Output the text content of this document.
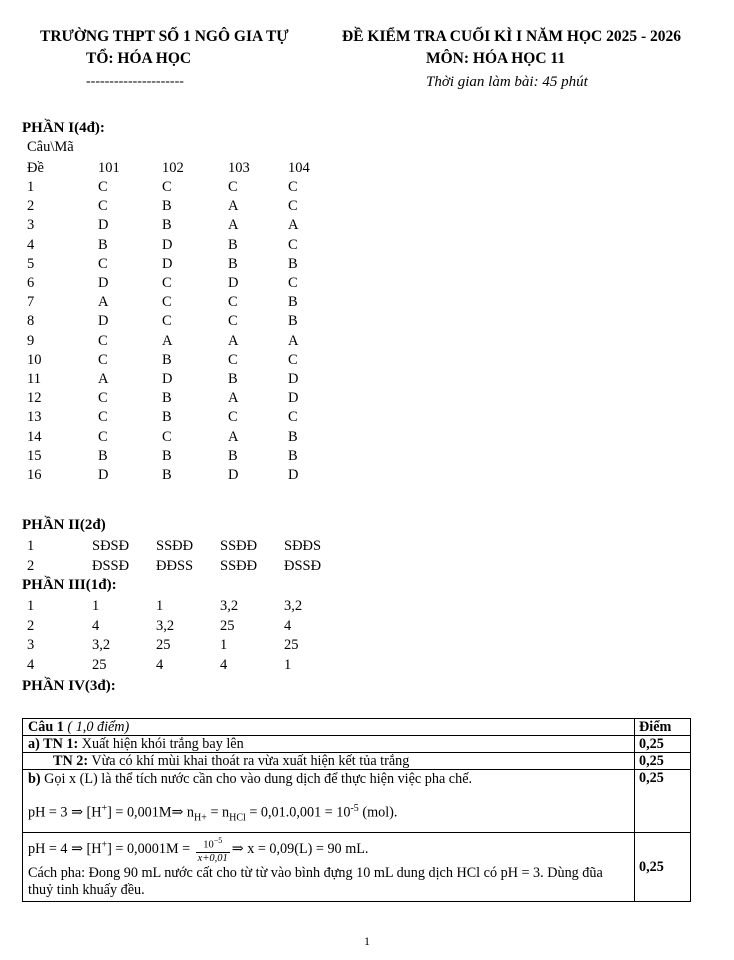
TRƯỜNG THPT SỐ 1 NGÔ GIA TỰ
TỔ: HÓA HỌC
---------------------
ĐỀ KIỂM TRA CUỐI KÌ I NĂM HỌC 2025 - 2026
MÔN: HÓA HỌC 11
Thời gian làm bài: 45 phút
PHẦN I(4đ):
Câu\Mã
Đề	101	102	103	104
1	C	C	C	C
2	C	B	A	C
3	D	B	A	A
4	B	D	B	C
5	C	D	B	B
6	D	C	D	C
7	A	C	C	B
8	D	C	C	B
9	C	A	A	A
10	C	B	C	C
11	A	D	B	D
12	C	B	A	D
13	C	B	C	C
14	C	C	A	B
15	B	B	B	B
16	D	B	D	D
PHẦN II(2đ)
1	SĐSĐ SSĐĐ SSĐĐ SĐĐS
2	ĐSSĐ ĐĐSS SSĐĐ ĐSSĐ
PHẦN III(1đ):
1	1	1	3,2	3,2
2	4	3,2	25	4
3	3,2	25	1	25
4	25	4	4	1
PHẦN IV(3đ):
Câu 1 ( 1,0 điểm)	Điểm
a) TN 1: Xuất hiện khói trắng bay lên	0,25
TN 2: Vừa có khí mùi khai thoát ra vừa xuất hiện kết tủa trắng	0,25

b) Gọi x (L) là thể tích nước cần cho vào dung dịch để thực hiện việc pha chế.
pH = 3 ⇒ [H+] = 0,001M⇒ $n_{H+} = n_{HCl} = 0,01.0,001 = 10^{-5}$ (mol).	0,25

pH = 4 ⇒ $[H^+] = 0,0001M = \frac{10^{-5}}{x+0,01}$ ⇒ x = 0,09(L) = 90 mL.
Cách pha: Đong 90 mL nước cất cho từ từ vào bình đựng 10 mL dung dịch HCl có pH = 3. Dùng đũa thuỷ tinh khuấy đều.	0,25
1
